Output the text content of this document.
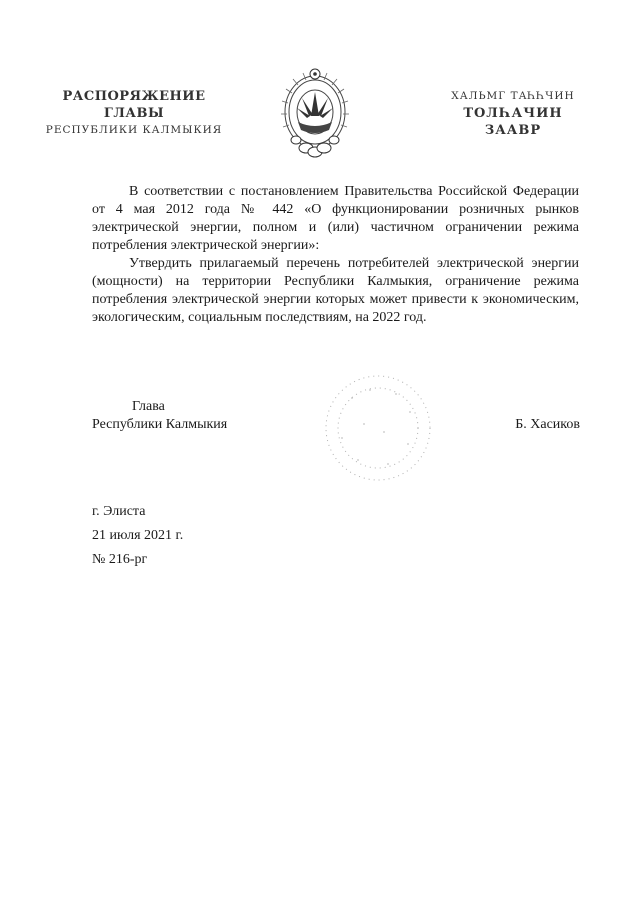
РАСПОРЯЖЕНИЕ
ГЛАВЫ
РЕСПУБЛИКИ КАЛМЫКИЯ
ХАЛЬМГ ТАҺҺЧИН
ТОЛҺАЧИН
ЗААВР

В соответствии с постановлением Правительства Российской Федерации от 4 мая 2012 года № 442 «О функционировании розничных рынков электрической энергии, полном и (или) частичном ограничении режима потребления электрической энергии»:

Утвердить прилагаемый перечень потребителей электрической энергии (мощности) на территории Республики Калмыкия, ограничение режима потребления электрической энергии которых может привести к экономическим, экологическим, социальным последствиям, на 2022 год.

Глава
Республики Калмыкия	Б. Хасиков
г. Элиста
21 июля 2021 г.
№ 216-рг
